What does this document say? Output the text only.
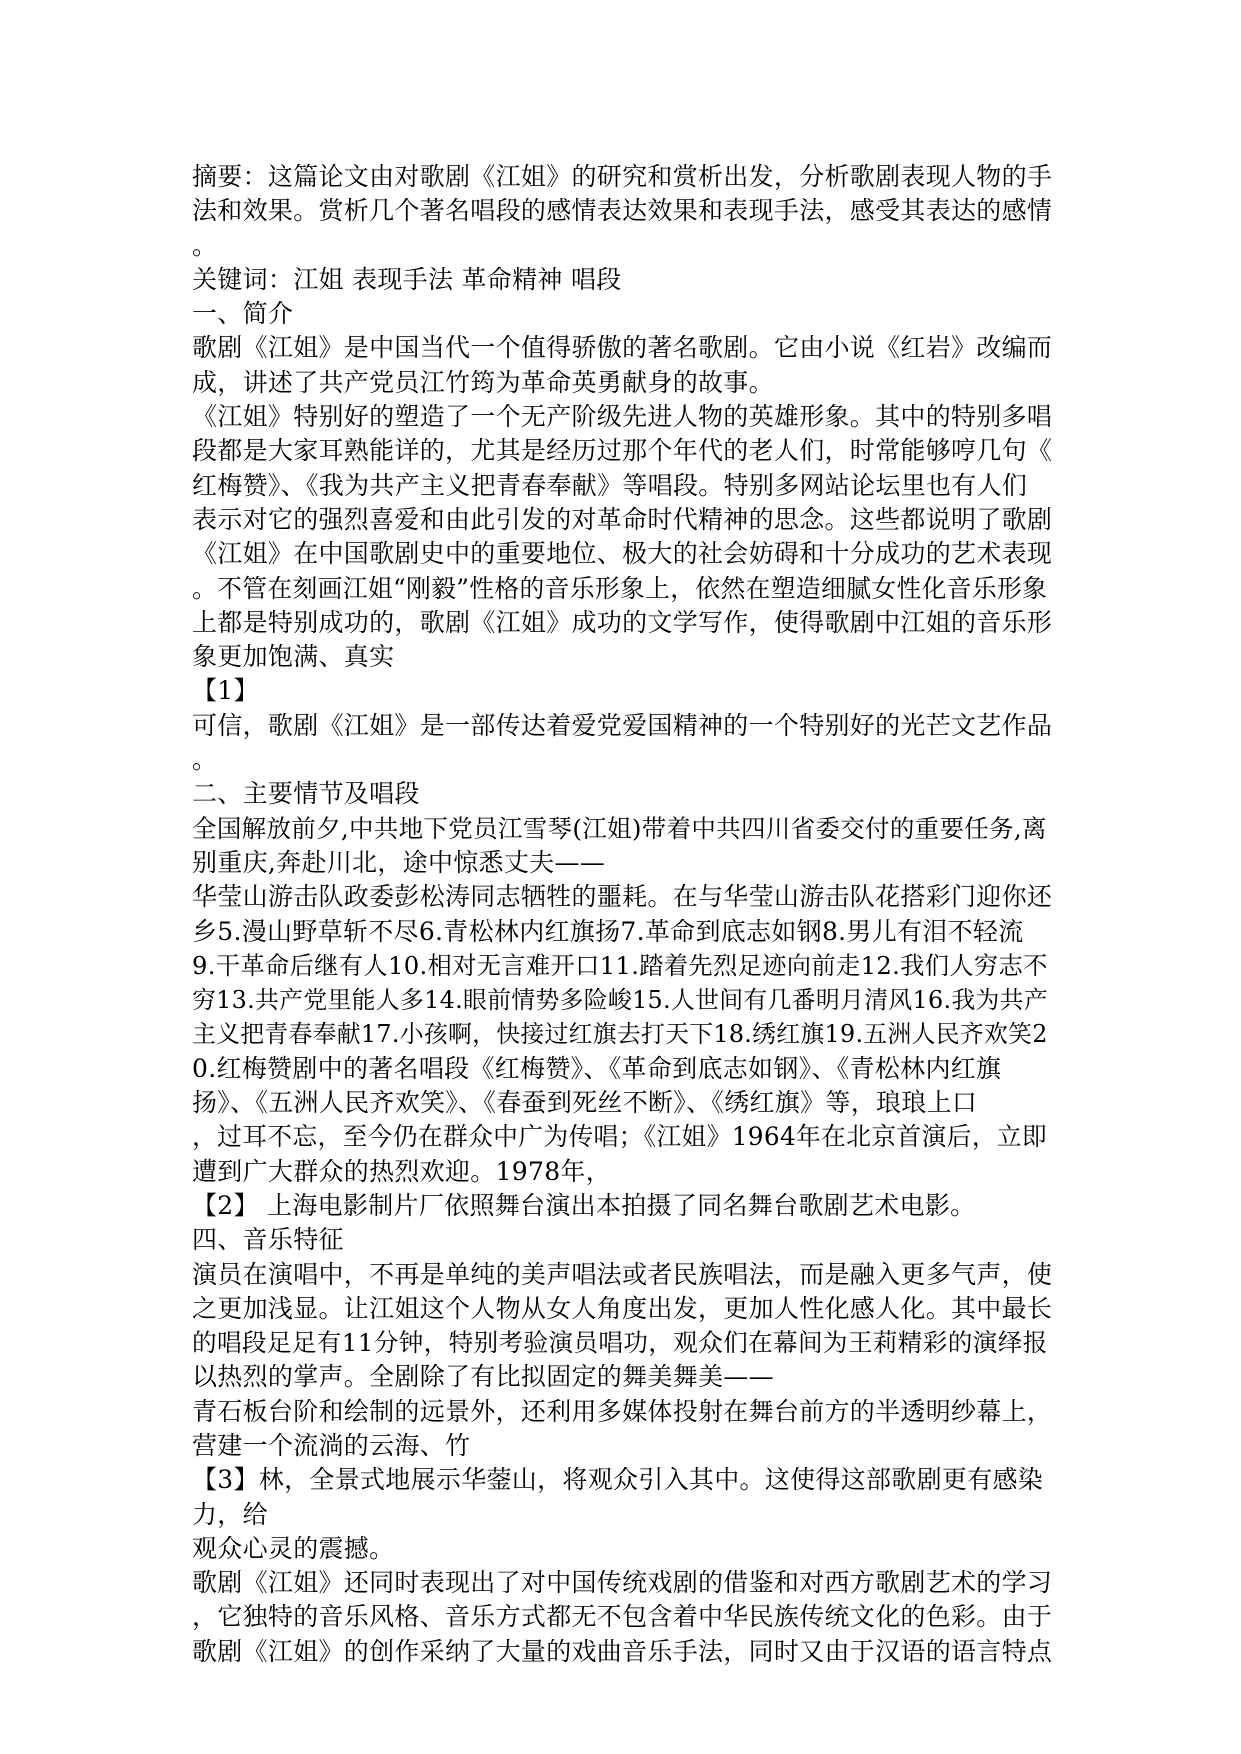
摘要：这篇论文由对歌剧《江姐》的研究和赏析出发，分析歌剧表现人物的手
法和效果。赏析几个著名唱段的感情表达效果和表现手法，感受其表达的感情
。
关键词：江姐 表现手法 革命精神 唱段
一、简介
歌剧《江姐》是中国当代一个值得骄傲的著名歌剧。它由小说《红岩》改编而
成，讲述了共产党员江竹筠为革命英勇献身的故事。
《江姐》特别好的塑造了一个无产阶级先进人物的英雄形象。其中的特别多唱
段都是大家耳熟能详的，尤其是经历过那个年代的老人们，时常能够哼几句《
红梅赞》、《我为共产主义把青春奉献》等唱段。特别多网站论坛里也有人们
表示对它的强烈喜爱和由此引发的对革命时代精神的思念。这些都说明了歌剧
《江姐》在中国歌剧史中的重要地位、极大的社会妨碍和十分成功的艺术表现
。不管在刻画江姐“刚毅”性格的音乐形象上，依然在塑造细腻女性化音乐形象
上都是特别成功的，歌剧《江姐》成功的文学写作，使得歌剧中江姐的音乐形
象更加饱满、真实
【1】
可信，歌剧《江姐》是一部传达着爱党爱国精神的一个特别好的光芒文艺作品
。
二、主要情节及唱段
全国解放前夕,中共地下党员江雪琴(江姐)带着中共四川省委交付的重要任务,离
别重庆,奔赴川北，途中惊悉丈夫——
华莹山游击队政委彭松涛同志牺牲的噩耗。在与华莹山游击队花搭彩门迎你还
乡5.漫山野草斩不尽6.青松林内红旗扬7.革命到底志如钢8.男儿有泪不轻流
9.干革命后继有人10.相对无言难开口11.踏着先烈足迹向前走12.我们人穷志不
穷13.共产党里能人多14.眼前情势多险峻15.人世间有几番明月清风16.我为共产
主义把青春奉献17.小孩啊，快接过红旗去打天下18.绣红旗19.五洲人民齐欢笑2
0.红梅赞剧中的著名唱段《红梅赞》、《革命到底志如钢》、《青松林内红旗
扬》、《五洲人民齐欢笑》、《春蚕到死丝不断》、《绣红旗》等，琅琅上口
，过耳不忘，至今仍在群众中广为传唱；《江姐》1964年在北京首演后，立即
遭到广大群众的热烈欢迎。1978年，
【2】 上海电影制片厂依照舞台演出本拍摄了同名舞台歌剧艺术电影。
四、音乐特征
演员在演唱中，不再是单纯的美声唱法或者民族唱法，而是融入更多气声，使
之更加浅显。让江姐这个人物从女人角度出发，更加人性化感人化。其中最长
的唱段足足有11分钟，特别考验演员唱功，观众们在幕间为王莉精彩的演绎报
以热烈的掌声。全剧除了有比拟固定的舞美舞美——
青石板台阶和绘制的远景外，还利用多媒体投射在舞台前方的半透明纱幕上，
营建一个流淌的云海、竹
【3】林，全景式地展示华蓥山，将观众引入其中。这使得这部歌剧更有感染
力，给
观众心灵的震撼。
歌剧《江姐》还同时表现出了对中国传统戏剧的借鉴和对西方歌剧艺术的学习
，它独特的音乐风格、音乐方式都无不包含着中华民族传统文化的色彩。由于
歌剧《江姐》的创作采纳了大量的戏曲音乐手法，同时又由于汉语的语言特点
